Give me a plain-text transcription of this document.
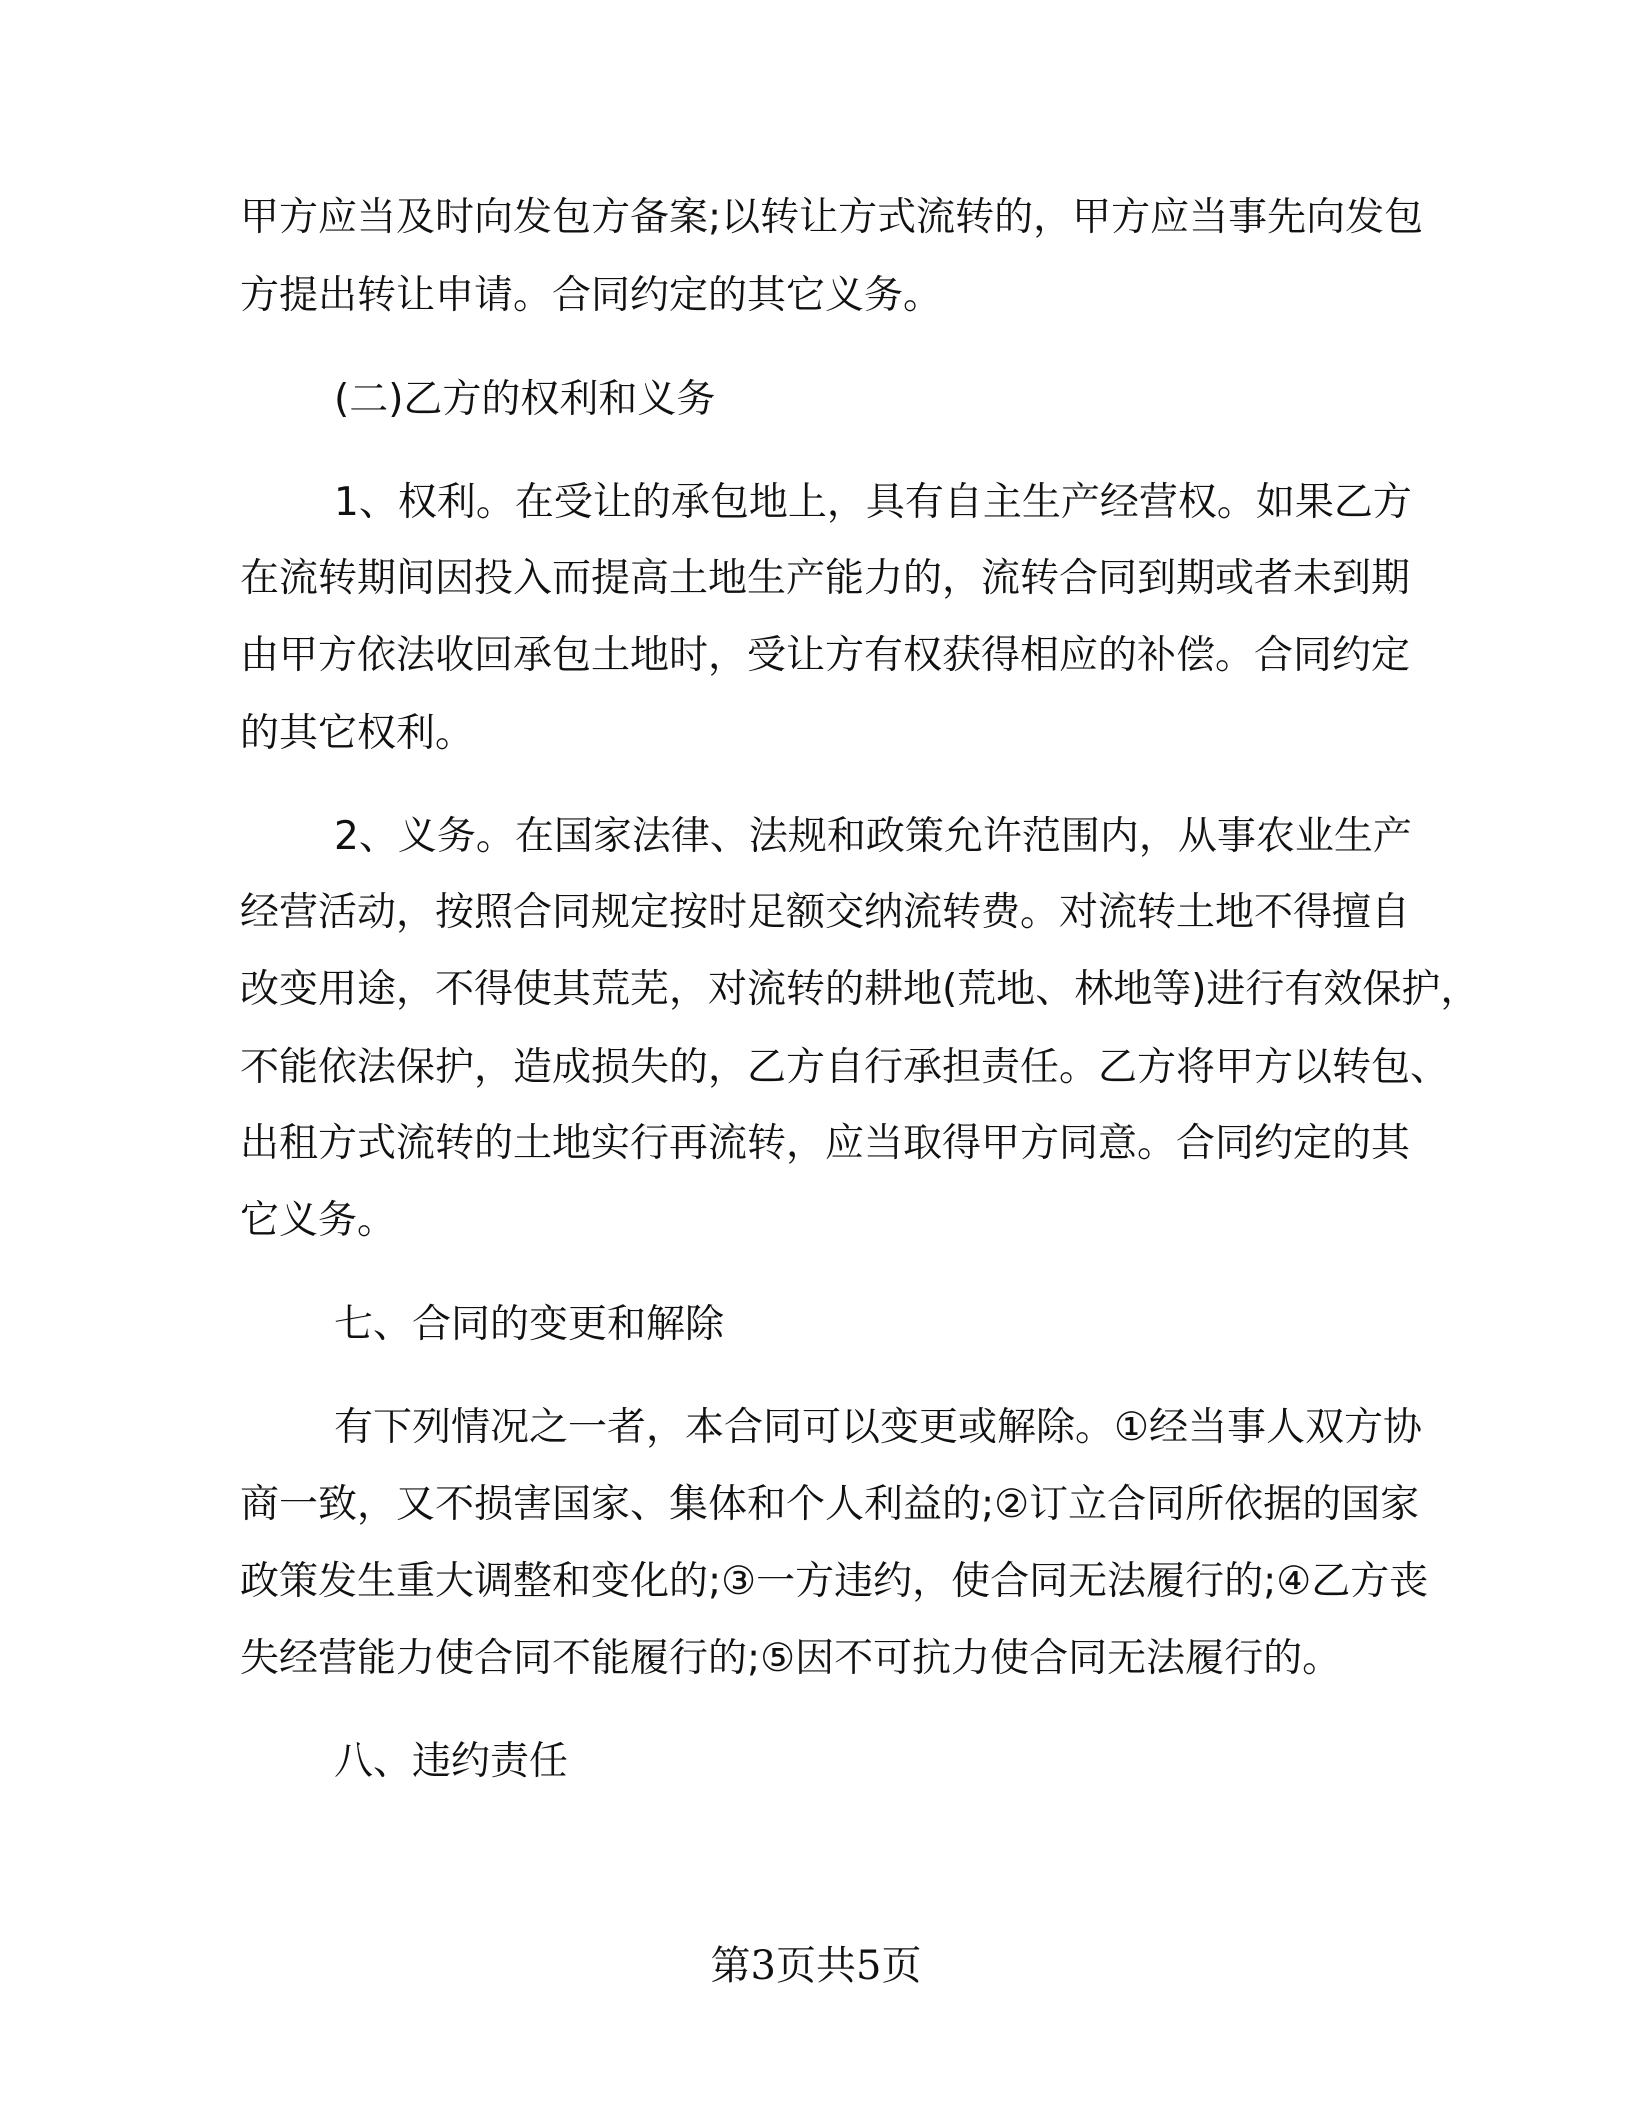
甲方应当及时向发包方备案;以转让方式流转的，甲方应当事先向发包
方提出转让申请。合同约定的其它义务。
(二)乙方的权利和义务
1、权利。在受让的承包地上，具有自主生产经营权。如果乙方
在流转期间因投入而提高土地生产能力的，流转合同到期或者未到期
由甲方依法收回承包土地时，受让方有权获得相应的补偿。合同约定
的其它权利。
2、义务。在国家法律、法规和政策允许范围内，从事农业生产
经营活动，按照合同规定按时足额交纳流转费。对流转土地不得擅自
改变用途，不得使其荒芜，对流转的耕地(荒地、林地等)进行有效保护，
不能依法保护，造成损失的，乙方自行承担责任。乙方将甲方以转包、
出租方式流转的土地实行再流转，应当取得甲方同意。合同约定的其
它义务。
七、合同的变更和解除
有下列情况之一者，本合同可以变更或解除。①经当事人双方协
商一致，又不损害国家、集体和个人利益的;②订立合同所依据的国家
政策发生重大调整和变化的;③一方违约，使合同无法履行的;④乙方丧
失经营能力使合同不能履行的;⑤因不可抗力使合同无法履行的。
八、违约责任
第3页共5页
